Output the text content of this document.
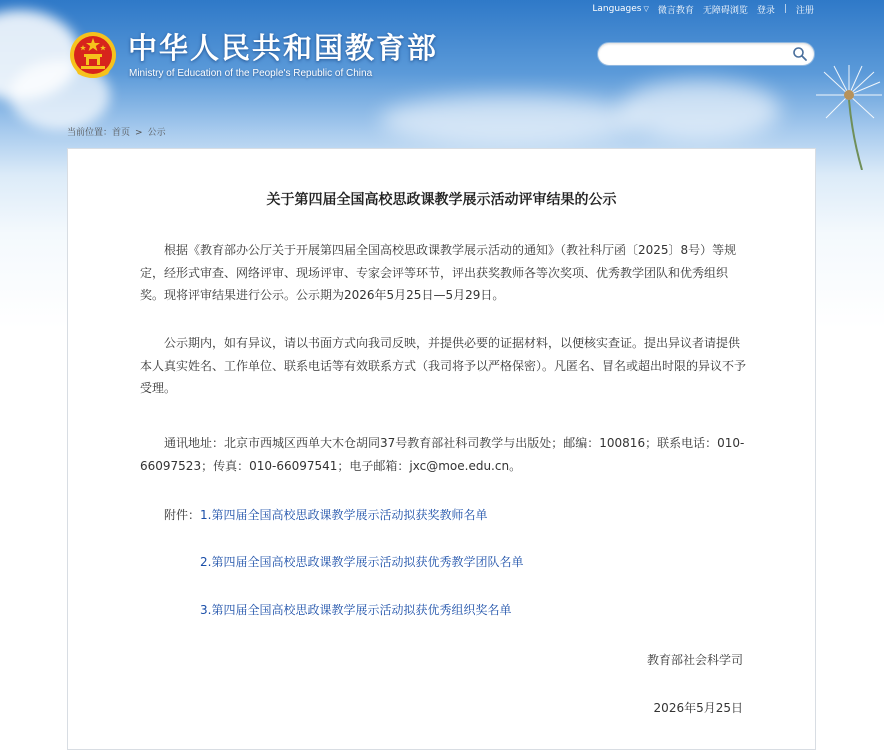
Languages ▽ 微言教育 无障碍浏览 登录 | 注册
中华人民共和国教育部
Ministry of Education of the People's Republic of China
当前位置：首页 > 公示
关于第四届全国高校思政课教学展示活动评审结果的公示
根据《教育部办公厅关于开展第四届全国高校思政课教学展示活动的通知》（教社科厅函〔2025〕8号）等规定，经形式审查、网络评审、现场评审、专家会评等环节，评出获奖教师各等次奖项、优秀教学团队和优秀组织奖。现将评审结果进行公示。公示期为2026年5月25日—5月29日。
公示期内，如有异议，请以书面方式向我司反映，并提供必要的证据材料，以便核实查证。提出异议者请提供本人真实姓名、工作单位、联系电话等有效联系方式（我司将予以严格保密）。凡匿名、冒名或超出时限的异议不予受理。
通讯地址：北京市西城区西单大木仓胡同37号教育部社科司教学与出版处；邮编：100816；联系电话：010-66097523；传真：010-66097541；电子邮箱：jxc@moe.edu.cn。
附件：1.第四届全国高校思政课教学展示活动拟获奖教师名单
2.第四届全国高校思政课教学展示活动拟获优秀教学团队名单
3.第四届全国高校思政课教学展示活动拟获优秀组织奖名单
教育部社会科学司
2026年5月25日
